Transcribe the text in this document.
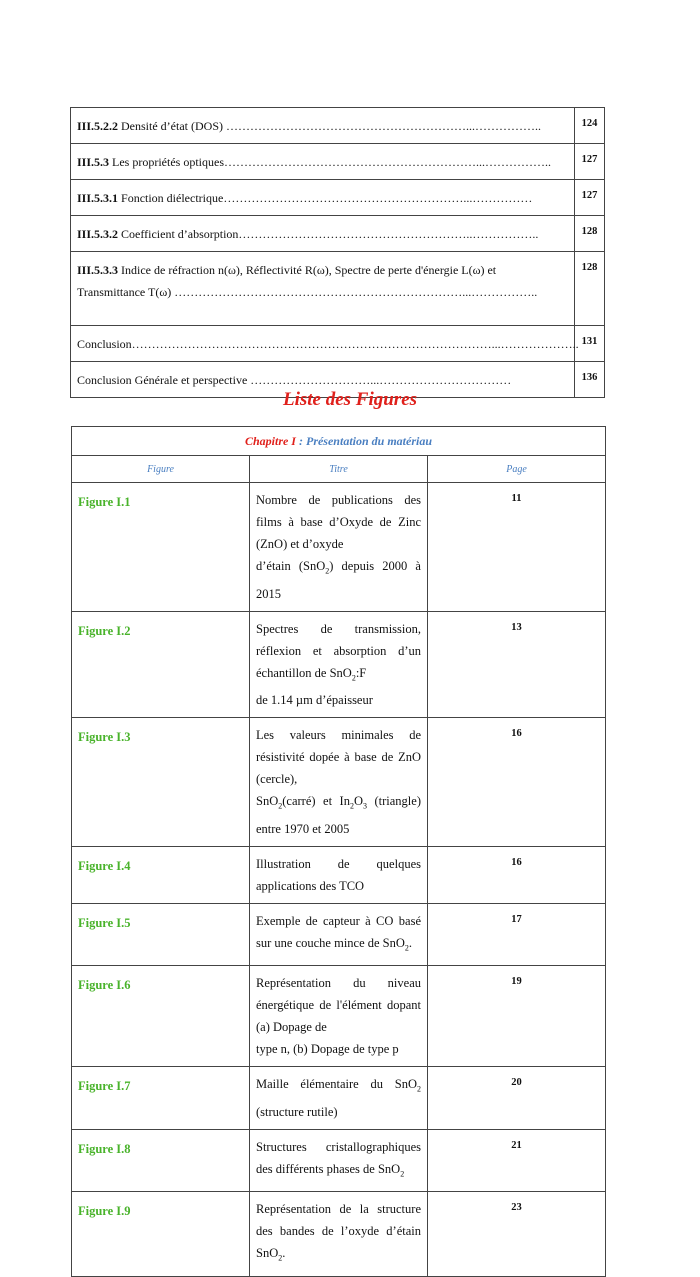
III.5.2.2 Densité d’état (DOS) ……………………………………………………...……………..	124
III.5.3 Les propriétés optiques………………………………………………………...……………..	127
III.5.3.1 Fonction diélectrique……………………………………………………...……………	127
III.5.3.2 Coefficient d’absorption…………………………………………………..……………..	128
III.5.3.3 Indice de réfraction n(ω), Réflectivité R(ω), Spectre de perte d'énergie L(ω) et
Transmittance T(ω) ………………………………………………………………...……………..	128
Conclusion………………………………………………………………………………...………………..	131
Conclusion Générale et perspective …………………………...……………………………	136
Liste des Figures
Chapitre I : Présentation du matériau		
Figure	Titre	Page
Figure I.1	Nombre de publications des films à base d’Oxyde de Zinc (ZnO) et d’oxyde
d’étain (SnO$_2$) depuis 2000 à 2015	11
Figure I.2	Spectres de transmission, réflexion et absorption d’un échantillon de SnO$_2$:F
de 1.14 µm d’épaisseur	13
Figure I.3	Les valeurs minimales de résistivité dopée à base de ZnO (cercle),
SnO$_2$(carré) et $In_2O_3$ (triangle) entre 1970 et 2005	16
Figure I.4	Illustration de quelques applications des TCO	16
Figure I.5	Exemple de capteur à CO basé sur une couche mince de SnO$_2$.	17
Figure I.6	Représentation du niveau énergétique de l'élément dopant (a) Dopage de
type n, (b) Dopage de type p	19
Figure I.7	Maille élémentaire du SnO$_2$ (structure rutile)	20
Figure I.8	Structures cristallographiques des différents phases de SnO$_2$	21
Figure I.9	Représentation de la structure des bandes de l’oxyde d’étain SnO$_2$.	23
